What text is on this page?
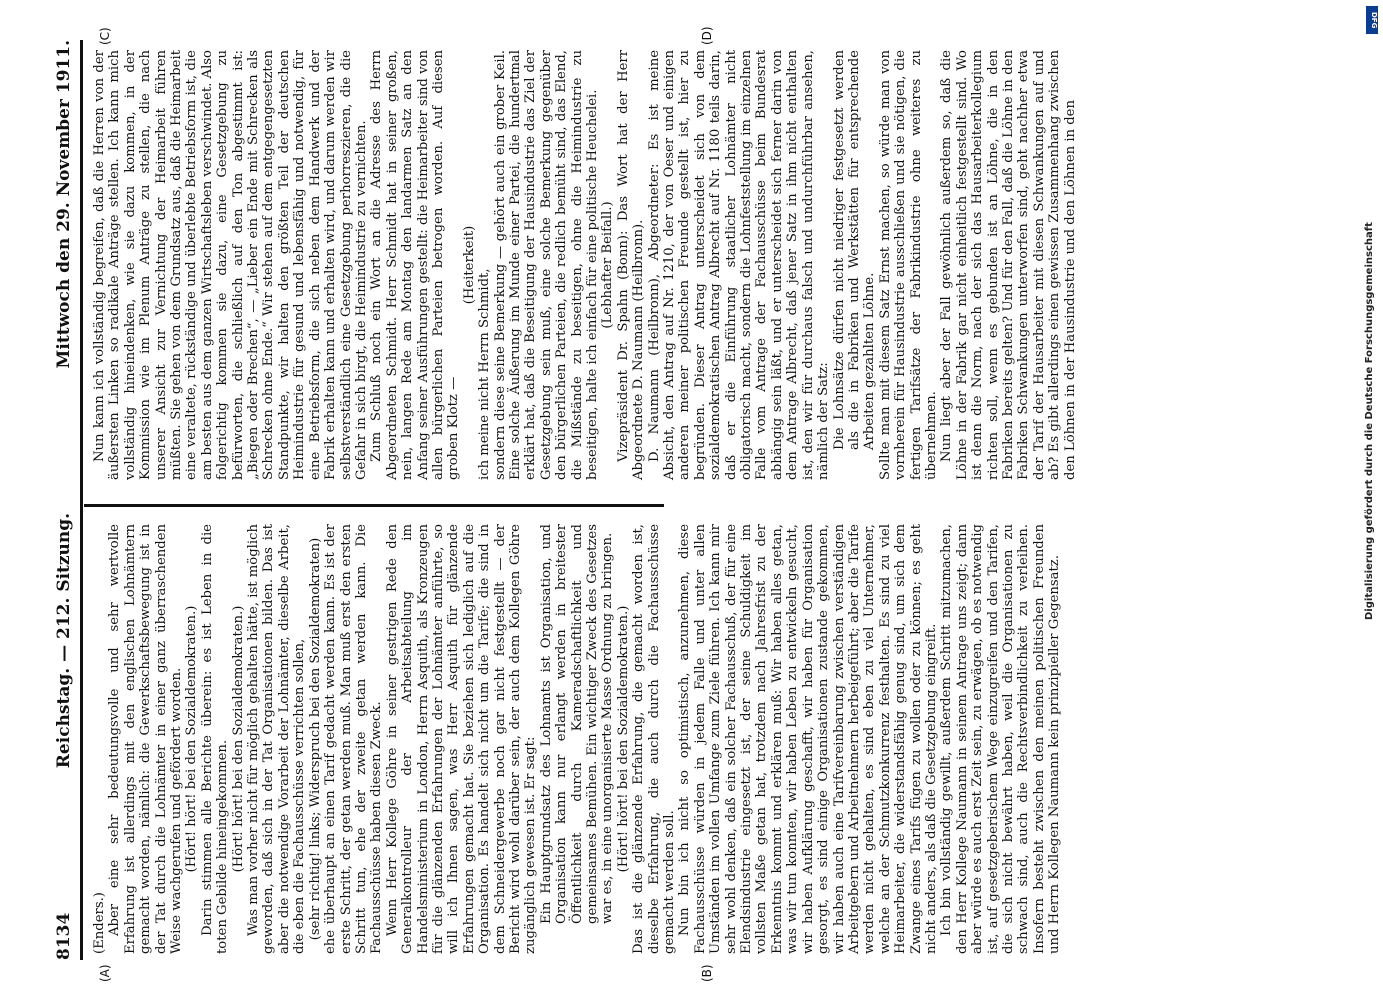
8134
Reichstag. — 212. Sitzung.
Mittwoch den 29. November 1911.
(A)	(B)
(C)	(D)

(Enders.) Aber eine sehr bedeutungsvolle und sehr wertvolle Erfahrung ist allerdings mit den englischen Lohnämtern gemacht worden, nämlich: die Gewerkschaftsbewegung ist in der Tat durch die Lohnämter in einer ganz überraschenden Weise wachgerufen und gefördert worden. (Hört! hört! bei den Sozialdemokraten.) Darin stimmen alle Berichte überein: es ist Leben in die toten Gebilde hineingekommen. (Hört! hört! bei den Sozialdemokraten.) Was man vorher nicht für möglich gehalten hätte, ist möglich geworden, daß sich in der Tat Organisationen bilden. Das ist aber die notwendige Vorarbeit der Lohnämter, dieselbe Arbeit, die eben die Fachausschüsse verrichten sollen, (sehr richtig! links; Widerspruch bei den Sozialdemokraten) ehe überhaupt an einen Tarif gedacht werden kann. Es ist der erste Schritt, der getan werden muß. Man muß erst den ersten Schritt tun, ehe der zweite getan werden kann. Die Fachausschüsse haben diesen Zweck. Wenn Herr Kollege Göhre in seiner gestrigen Rede den Generalkontrolleur der Arbeitsabteilung im Handelsministerium in London, Herrn Asquith, als Kronzeugen für die glänzenden Erfahrungen der Lohnämter anführte, so will ich Ihnen sagen, was Herr Asquith für glänzende Erfahrungen gemacht hat. Sie beziehen sich lediglich auf die Organisation. Es handelt sich nicht um die Tarife; die sind in dem Schneidergewerbe noch gar nicht festgestellt — der Bericht wird wohl darüber sein, der auch dem Kollegen Göhre zugänglich gewesen ist. Er sagt: Ein Hauptgrundsatz des Lohnamts ist Organisation, und Organisation kann nur erlangt werden in breitester Öffentlichkeit durch Kameradschaftlichkeit und gemeinsames Bemühen. Ein wichtiger Zweck des Gesetzes war es, in eine unorganisierte Masse Ordnung zu bringen. (Hört! hört! bei den Sozialdemokraten.) Das ist die glänzende Erfahrung, die gemacht worden ist, dieselbe Erfahrung, die auch durch die Fachausschüsse gemacht werden soll. Nun bin ich nicht so optimistisch, anzunehmen, diese Fachausschüsse würden in jedem Falle und unter allen Umständen im vollen Umfange zum Ziele führen. Ich kann mir sehr wohl denken, daß ein solcher Fachausschuß, der für eine Elendsindustrie eingesetzt ist, der seine Schuldigkeit im vollsten Maße getan hat, trotzdem nach Jahresfrist zu der Erkenntnis kommt und erklären muß: Wir haben alles getan, was wir tun konnten, wir haben Leben zu entwickeln gesucht, wir haben Aufklärung geschafft, wir haben für Organisation gesorgt, es sind einige Organisationen zustande gekommen, wir haben auch eine Tarifvereinbarung zwischen verständigen Arbeitgebern und Arbeitnehmern herbeigeführt; aber die Tarife werden nicht gehalten, es sind eben zu viel Unternehmer, welche an der Schmutzkonkurrenz festhalten. Es sind zu viel Heimarbeiter, die widerstandsfähig genug sind, um sich dem Zwange eines Tarifs fügen zu wollen oder zu können; es geht nicht anders, als daß die Gesetzgebung eingreift. Ich bin vollständig gewillt, außerdem Schritt mitzumachen, den Herr Kollege Naumann in seinem Antrage uns zeigt; dann aber würde es auch erst Zeit sein, zu erwägen, ob es notwendig ist, auf gesetzgeberischem Wege einzugreifen und den Tarifen, die sich nicht bewährt haben, weil die Organisationen zu schwach sind, auch die Rechtsverbindlichkeit zu verleihen. Insofern besteht zwischen den meinen politischen Freunden und Herrn Kollegen Naumann kein prinzipieller Gegensatz.

Nun kann ich vollständig begreifen, daß die Herren von der äußersten Linken so radikale Anträge stellen. Ich kann mich vollständig hineindenken, wie sie dazu kommen, in der Kommission wie im Plenum Anträge zu stellen, die nach unserer Ansicht zur Vernichtung der Heimarbeit führen müßten. Sie gehen von dem Grundsatz aus, daß die Heimarbeit eine veraltete, rückständige und überlebte Betriebsform ist, die am besten aus dem ganzen Wirtschaftsleben verschwindet. Also folgerichtig kommen sie dazu, eine Gesetzgebung zu befürworten, die schließlich auf den Ton abgestimmt ist: „Biegen oder Brechen“, — „Lieber ein Ende mit Schrecken als Schrecken ohne Ende.“ Wir stehen auf dem entgegengesetzten Standpunkte, wir halten den größten Teil der deutschen Heimindustrie für gesund und lebensfähig und notwendig, für eine Betriebsform, die sich neben dem Handwerk und der Fabrik erhalten kann und erhalten wird, und darum werden wir selbstverständlich eine Gesetzgebung perhorreszieren, die die Gefahr in sich birgt, die Heimindustrie zu vernichten. Zum Schluß noch ein Wort an die Adresse des Herrn Abgeordneten Schmidt. Herr Schmidt hat in seiner großen, nein, langen Rede am Montag den landarmen Satz an den Anfang seiner Ausführungen gestellt: die Heimarbeiter sind von allen bürgerlichen Parteien betrogen worden. Auf diesen groben Klotz —

(Heiterkeit)

ich meine nicht Herrn Schmidt, sondern diese seine Bemerkung — gehört auch ein grober Keil. Eine solche Äußerung im Munde einer Partei, die hundertmal erklärt hat, daß die Beseitigung der Hausindustrie das Ziel der Gesetzgebung sein muß, eine solche Bemerkung gegenüber den bürgerlichen Parteien, die redlich bemüht sind, das Elend, die Mißstände zu beseitigen, ohne die Heimindustrie zu beseitigen, halte ich einfach für eine politische Heuchelei. (Lebhafter Beifall.) Vizepräsident Dr. Spahn (Bonn): Das Wort hat der Herr Abgeordnete D. Naumann (Heilbronn). D. Naumann (Heilbronn), Abgeordneter: Es ist meine Absicht, den Antrag auf Nr. 1210, der von Oeser und einigen anderen meiner politischen Freunde gestellt ist, hier zu begründen. Dieser Antrag unterscheidet sich von dem sozialdemokratischen Antrag Albrecht auf Nr. 1180 teils darin, daß er die Einführung staatlicher Lohnämter nicht obligatorisch macht, sondern die Lohnfeststellung im einzelnen Falle vom Antrage der Fachausschüsse beim Bundesrat abhängig sein läßt, und er unterscheidet sich ferner darin von dem Antrage Albrecht, daß jener Satz in ihm nicht enthalten ist, den wir für durchaus falsch und undurchführbar ansehen, nämlich der Satz: Die Lohnsätze dürfen nicht niedriger festgesetzt werden als die in Fabriken und Werkstätten für entsprechende Arbeiten gezahlten Löhne. Sollte man mit diesem Satz Ernst machen, so würde man von vornherein für Hausindustrie ausschließen und sie nötigen, die fertigen Tarifsätze der Fabrikindustrie ohne weiteres zu übernehmen. Nun liegt aber der Fall gewöhnlich außerdem so, daß die Löhne in der Fabrik gar nicht einheitlich festgestellt sind. Wo ist denn die Norm, nach der sich das Hausarbeiterkollegium richten soll, wenn es gebunden ist an Löhne, die in den Fabriken bereits gelten? Und für den Fall, daß die Löhne in den Fabriken Schwankungen unterworfen sind, geht nachher etwa der Tarif der Hausarbeiter mit diesen Schwankungen auf und ab? Es gibt allerdings einen gewissen Zusammenhang zwischen den Löhnen in der Hausindustrie und den Löhnen in den

DFG
Digitalisierung gefördert durch die Deutsche Forschungsgemeinschaft
